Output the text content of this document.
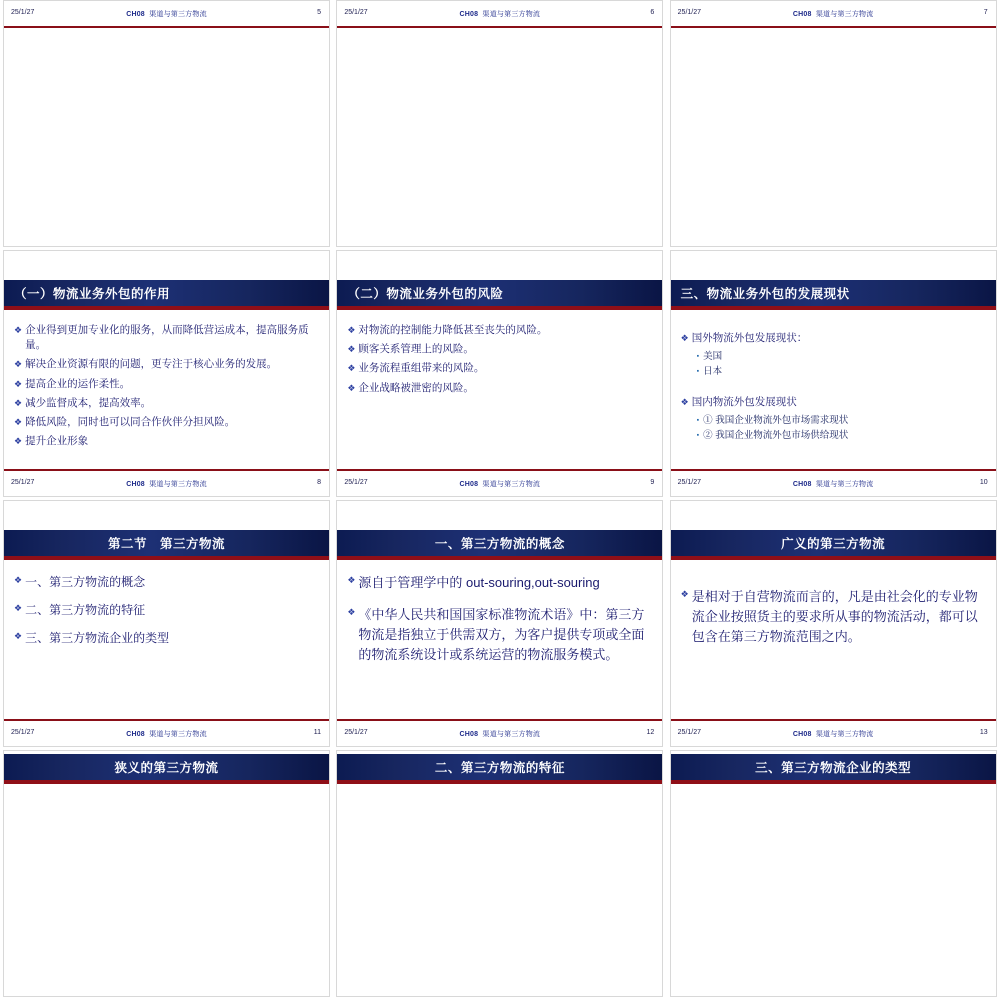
25/1/27	CH08 渠道与第三方物流	5	25/1/27	CH08 渠道与第三方物流	6	25/1/27	CH08 渠道与第三方物流	7
（一）物流业务外包的作用
❖ 企业得到更加专业化的服务，从而降低营运成本，提高服务质量。
❖ 解决企业资源有限的问题，更专注于核心业务的发展。
❖ 提高企业的运作柔性。
❖ 减少监督成本，提高效率。
❖ 降低风险，同时也可以同合作伙伴分担风险。
❖ 提升企业形象
25/1/27	CH08 渠道与第三方物流	8
（二）物流业务外包的风险
❖ 对物流的控制能力降低甚至丧失的风险。
❖ 顾客关系管理上的风险。
❖ 业务流程重组带来的风险。
❖ 企业战略被泄密的风险。
25/1/27	CH08 渠道与第三方物流	9
三、物流业务外包的发展现状
❖ 国外物流外包发展现状：
▪ 美国
▪ 日本
❖ 国内物流外包发展现状
▪ ① 我国企业物流外包市场需求现状
▪ ② 我国企业物流外包市场供给现状
25/1/27	CH08 渠道与第三方物流	10
第二节　第三方物流
❖ 一、第三方物流的概念
❖ 二、第三方物流的特征
❖ 三、第三方物流企业的类型
25/1/27	CH08 渠道与第三方物流	11
一、第三方物流的概念
❖ 源自于管理学中的 out-souring,out-souring
❖ 《中华人民共和国国家标准物流术语》中：第三方物流是指独立于供需双方，为客户提供专项或全面的物流系统设计或系统运营的物流服务模式。
25/1/27	CH08 渠道与第三方物流	12
广义的第三方物流
❖ 是相对于自营物流而言的，凡是由社会化的专业物流企业按照货主的要求所从事的物流活动，都可以包含在第三方物流范围之内。
25/1/27	CH08 渠道与第三方物流	13
狭义的第三方物流	二、第三方物流的特征	三、第三方物流企业的类型
